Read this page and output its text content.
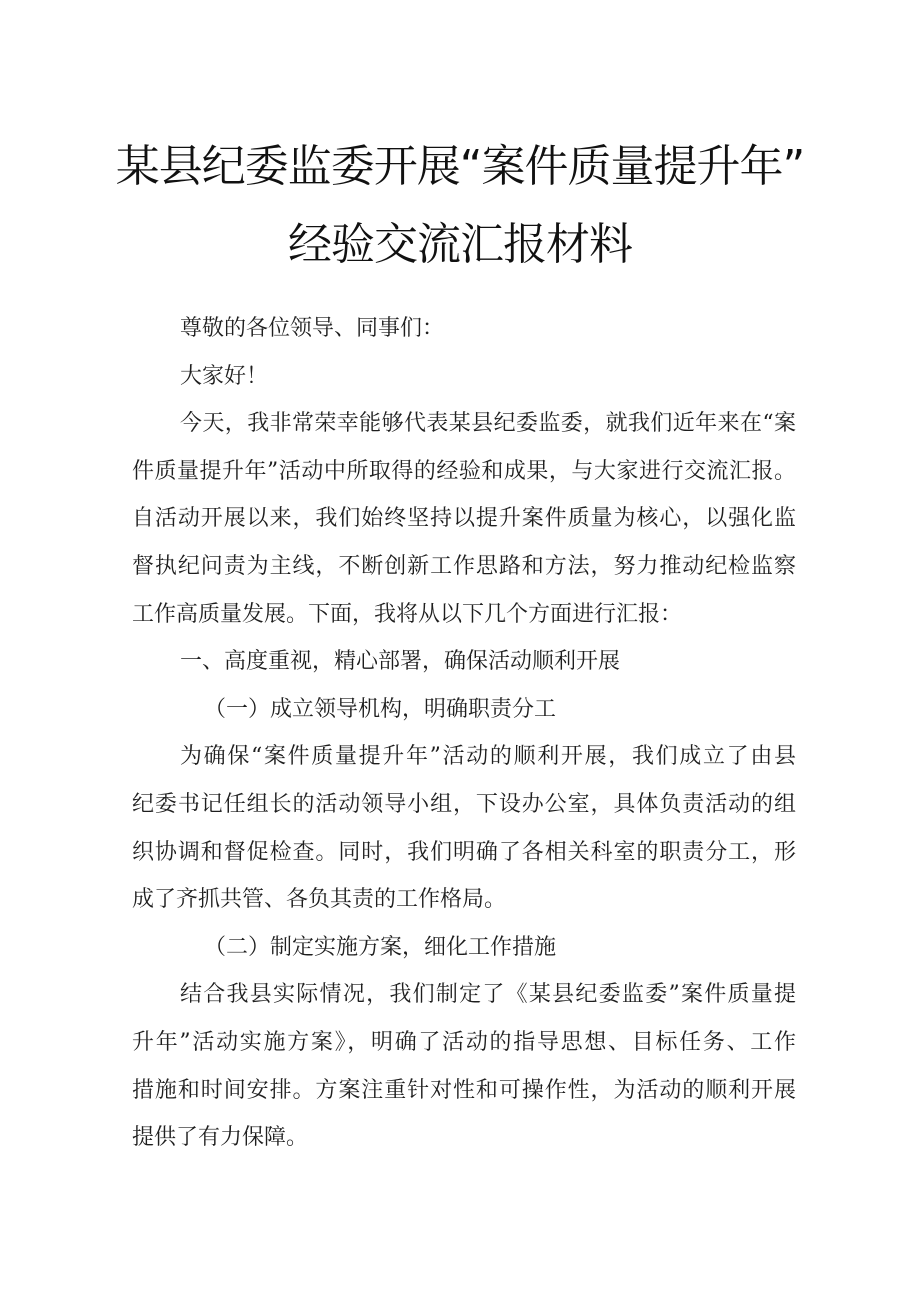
某县纪委监委开展“案件质量提升年”
经验交流汇报材料
尊敬的各位领导、同事们：
大家好！
今天，我非常荣幸能够代表某县纪委监委，就我们近年来在“案
件质量提升年”活动中所取得的经验和成果，与大家进行交流汇报。
自活动开展以来，我们始终坚持以提升案件质量为核心，以强化监
督执纪问责为主线，不断创新工作思路和方法，努力推动纪检监察
工作高质量发展。下面，我将从以下几个方面进行汇报：
一、高度重视，精心部署，确保活动顺利开展
（一）成立领导机构，明确职责分工
为确保“案件质量提升年”活动的顺利开展，我们成立了由县
纪委书记任组长的活动领导小组，下设办公室，具体负责活动的组
织协调和督促检查。同时，我们明确了各相关科室的职责分工，形
成了齐抓共管、各负其责的工作格局。
（二）制定实施方案，细化工作措施
结合我县实际情况，我们制定了《某县纪委监委”案件质量提
升年”活动实施方案》，明确了活动的指导思想、目标任务、工作
措施和时间安排。方案注重针对性和可操作性，为活动的顺利开展
提供了有力保障。
